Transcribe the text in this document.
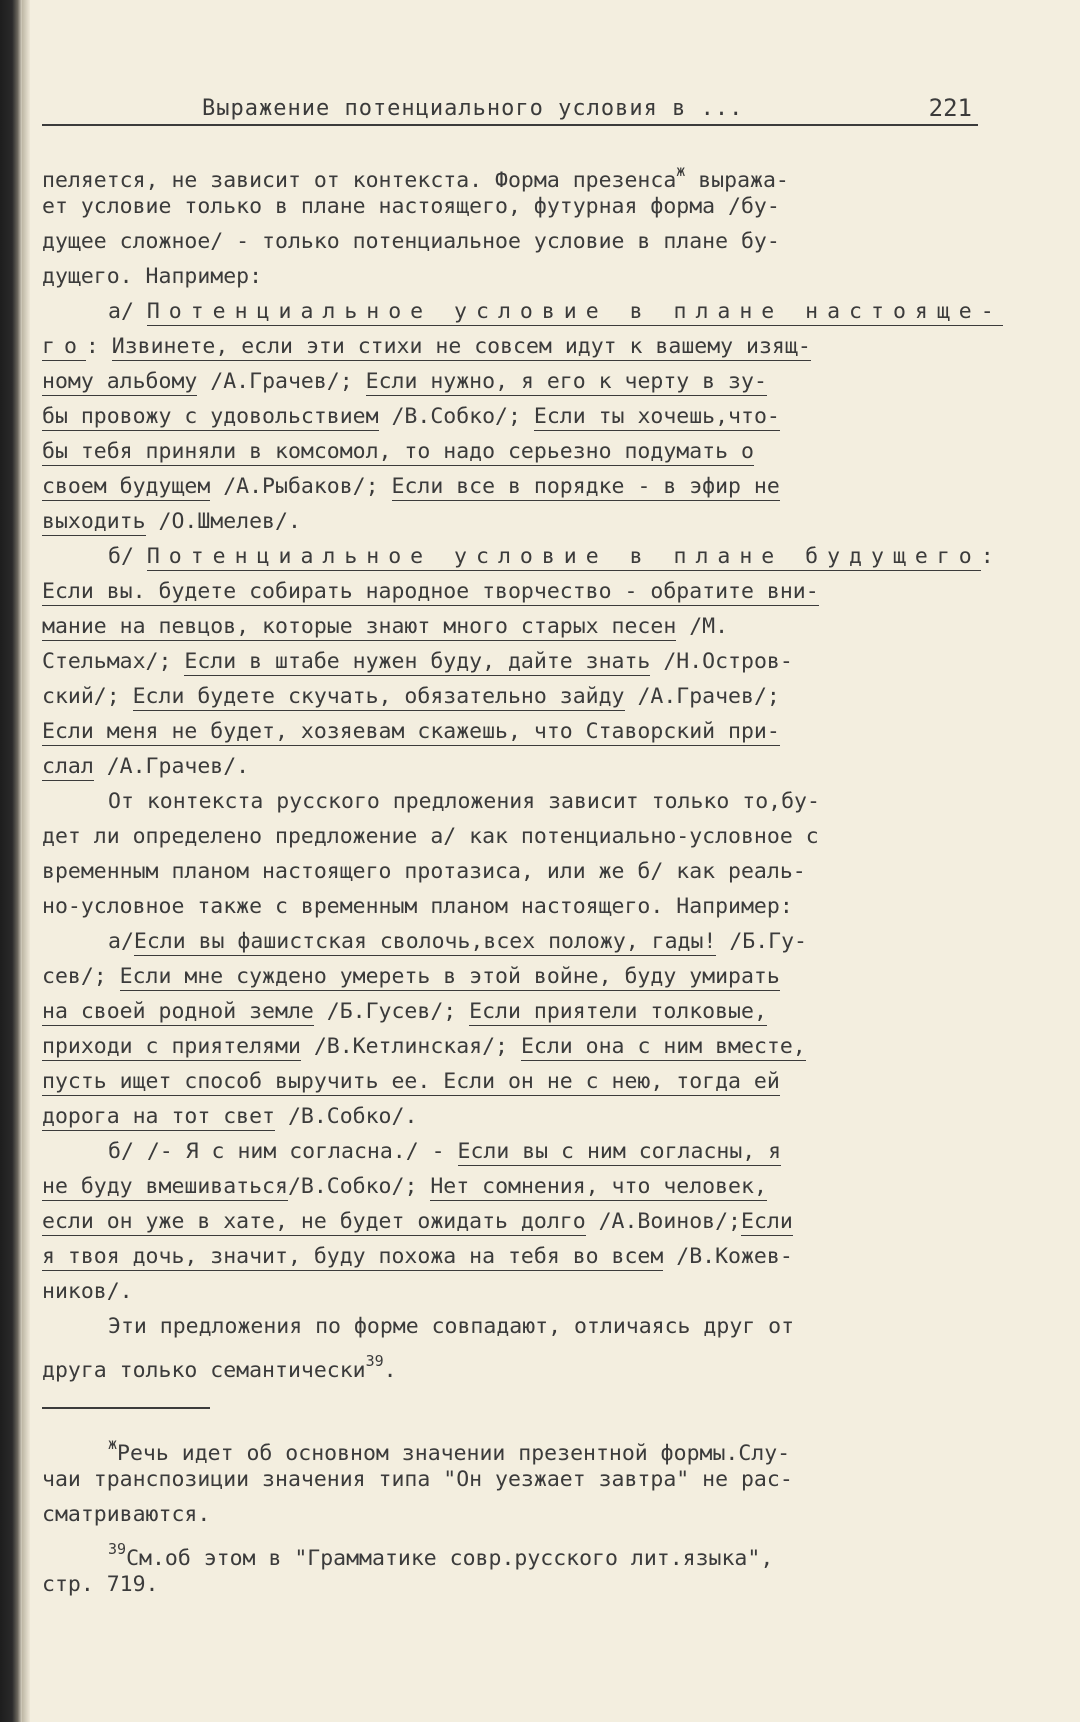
Выражение потенциального условия в ...	221
пеляется, не зависит от контекста. Форма презенса$^ж$ выража-
ет условие только в плане настоящего, футурная форма /бу-
дущее сложное/ - только потенциальное условие в плане бу-
дущего. Например:
а/ Потенциальное условие в плане настояще-
го: Извинете, если эти стихи не совсем идут к вашему изящ-
ному альбому /А.Грачев/; Если нужно, я его к черту в зу-
бы провожу с удовольствием /В.Собко/; Если ты хочешь,что-
бы тебя приняли в комсомол, то надо серьезно подумать о
своем будущем /А.Рыбаков/; Если все в порядке - в эфир не
выходить /О.Шмелев/.
б/ Потенциальное условие в плане будущего:
Если вы. будете собирать народное творчество - обратите вни-
мание на певцов, которые знают много старых песен /М.
Стельмах/; Если в штабе нужен буду, дайте знать /Н.Остров-
ский/; Если будете скучать, обязательно зайду /А.Грачев/;
Если меня не будет, хозяевам скажешь, что Ставорский при-
слал /А.Грачев/.
От контекста русского предложения зависит только то,бу-
дет ли определено предложение а/ как потенциально-условное с
временным планом настоящего протазиса, или же б/ как реаль-
но-условное также с временным планом настоящего. Например:
а/Если вы фашистская сволочь,всех положу, гады! /Б.Гу-
сев/; Если мне суждено умереть в этой войне, буду умирать
на своей родной земле /Б.Гусев/; Если приятели толковые,
приходи с приятелями /В.Кетлинская/; Если она с ним вместе,
пусть ищет способ выручить ее. Если он не с нею, тогда ей
дорога на тот свет /В.Собко/.
б/ /- Я с ним согласна./ - Если вы с ним согласны, я
не буду вмешиваться/В.Собко/; Нет сомнения, что человек,
если он уже в хате, не будет ожидать долго /А.Воинов/;Если
я твоя дочь, значит, буду похожа на тебя во всем /В.Кожев-
ников/.
Эти предложения по форме совпадают, отличаясь друг от
друга только семантически$^{39}$.
$^ж$Речь идет об основном значении презентной формы.Слу-
чаи транспозиции значения типа "Он уезжает завтра" не рас-
сматриваются.
$^{39}$См.об этом в "Грамматике совр.русского лит.языка",
стр. 719.
